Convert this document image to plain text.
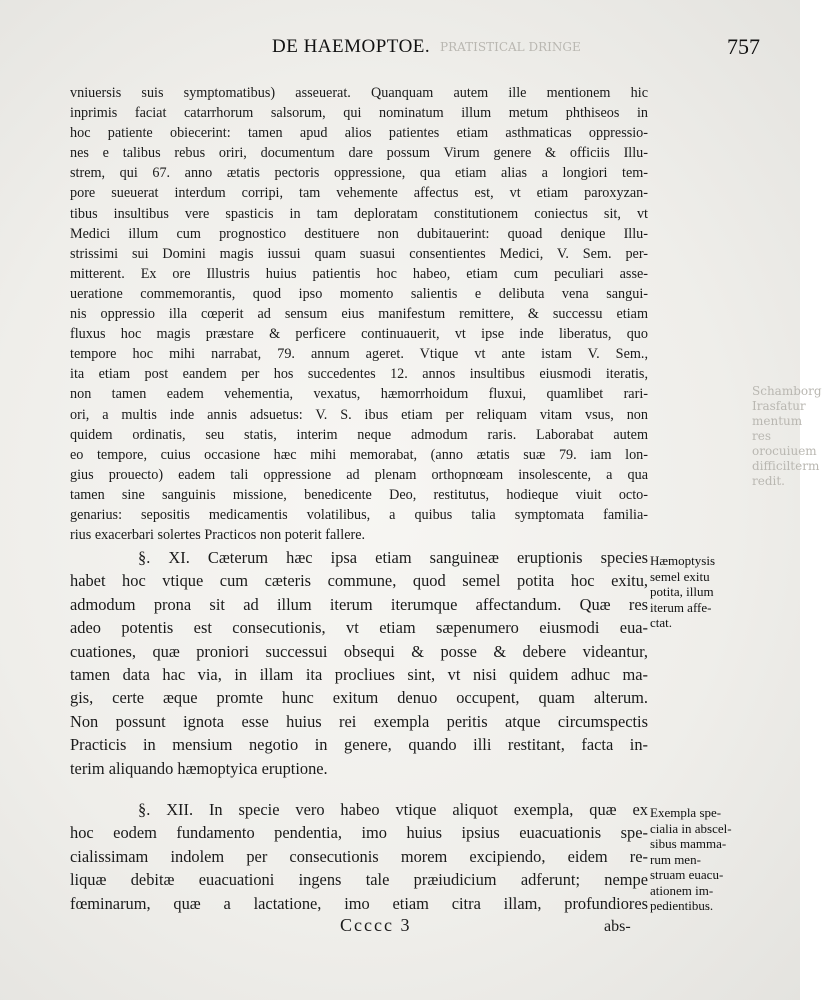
PRATISTICAL DRINGE
Schamborg
Irasfatur
mentum res
orocuiuem
difficilterm
redit.
DE HAEMOPTOE.	757
vniuersis suis symptomatibus) asseuerat. Quanquam autem ille mentionem hic
inprimis faciat catarrhorum salsorum, qui nominatum illum metum phthiseos in
hoc patiente obiecerint: tamen apud alios patientes etiam asthmaticas oppressio-
nes e talibus rebus oriri, documentum dare possum Virum genere & officiis Illu-
strem, qui 67. anno ætatis pectoris oppressione, qua etiam alias a longiori tem-
pore sueuerat interdum corripi, tam vehemente affectus est, vt etiam paroxyzan-
tibus insultibus vere spasticis in tam deploratam constitutionem coniectus sit, vt
Medici illum cum prognostico destituere non dubitauerint: quoad denique Illu-
strissimi sui Domini magis iussui quam suasui consentientes Medici, V. Sem. per-
mitterent. Ex ore Illustris huius patientis hoc habeo, etiam cum peculiari asse-
ueratione commemorantis, quod ipso momento salientis e delibuta vena sangui-
nis oppressio illa cœperit ad sensum eius manifestum remittere, & successu etiam
fluxus hoc magis præstare & perficere continuauerit, vt ipse inde liberatus, quo
tempore hoc mihi narrabat, 79. annum ageret. Vtique vt ante istam V. Sem.,
ita etiam post eandem per hos succedentes 12. annos insultibus eiusmodi iteratis,
non tamen eadem vehementia, vexatus, hæmorrhoidum fluxui, quamlibet rari-
ori, a multis inde annis adsuetus: V. S. ibus etiam per reliquam vitam vsus, non
quidem ordinatis, seu statis, interim neque admodum raris. Laborabat autem
eo tempore, cuius occasione hæc mihi memorabat, (anno ætatis suæ 79. iam lon-
gius prouecto) eadem tali oppressione ad plenam orthopnœam insolescente, a qua
tamen sine sanguinis missione, benedicente Deo, restitutus, hodieque viuit octo-
genarius: sepositis medicamentis volatilibus, a quibus talia symptomata familia-
rius exacerbari solertes Practicos non poterit fallere.
§. XI. Cæterum hæc ipsa etiam sanguineæ eruptionis species
habet hoc vtique cum cæteris commune, quod semel potita hoc exitu,
admodum prona sit ad illum iterum iterumque affectandum. Quæ res
adeo potentis est consecutionis, vt etiam sæpenumero eiusmodi eua-
cuationes, quæ proniori successui obsequi & posse & debere videantur,
tamen data hac via, in illam ita procliues sint, vt nisi quidem adhuc ma-
gis, certe æque promte hunc exitum denuo occupent, quam alterum.
Non possunt ignota esse huius rei exempla peritis atque circumspectis
Practicis in mensium negotio in genere, quando illi restitant, facta in-
terim aliquando hæmoptyica eruptione.
Hæmoptysis
semel exitu
potita, illum
iterum affe-
ctat.
§. XII. In specie vero habeo vtique aliquot exempla, quæ ex
hoc eodem fundamento pendentia, imo huius ipsius euacuationis spe-
cialissimam indolem per consecutionis morem excipiendo, eidem re-
liquæ debitæ euacuationi ingens tale præiudicium adferunt; nempe
fœminarum, quæ a lactatione, imo etiam citra illam, profundiores
Exempla spe-
cialia in abscel-
sibus mamma-
rum men-
struam euacu-
ationem im-
pedientibus.
Ccccc 3	abs-
